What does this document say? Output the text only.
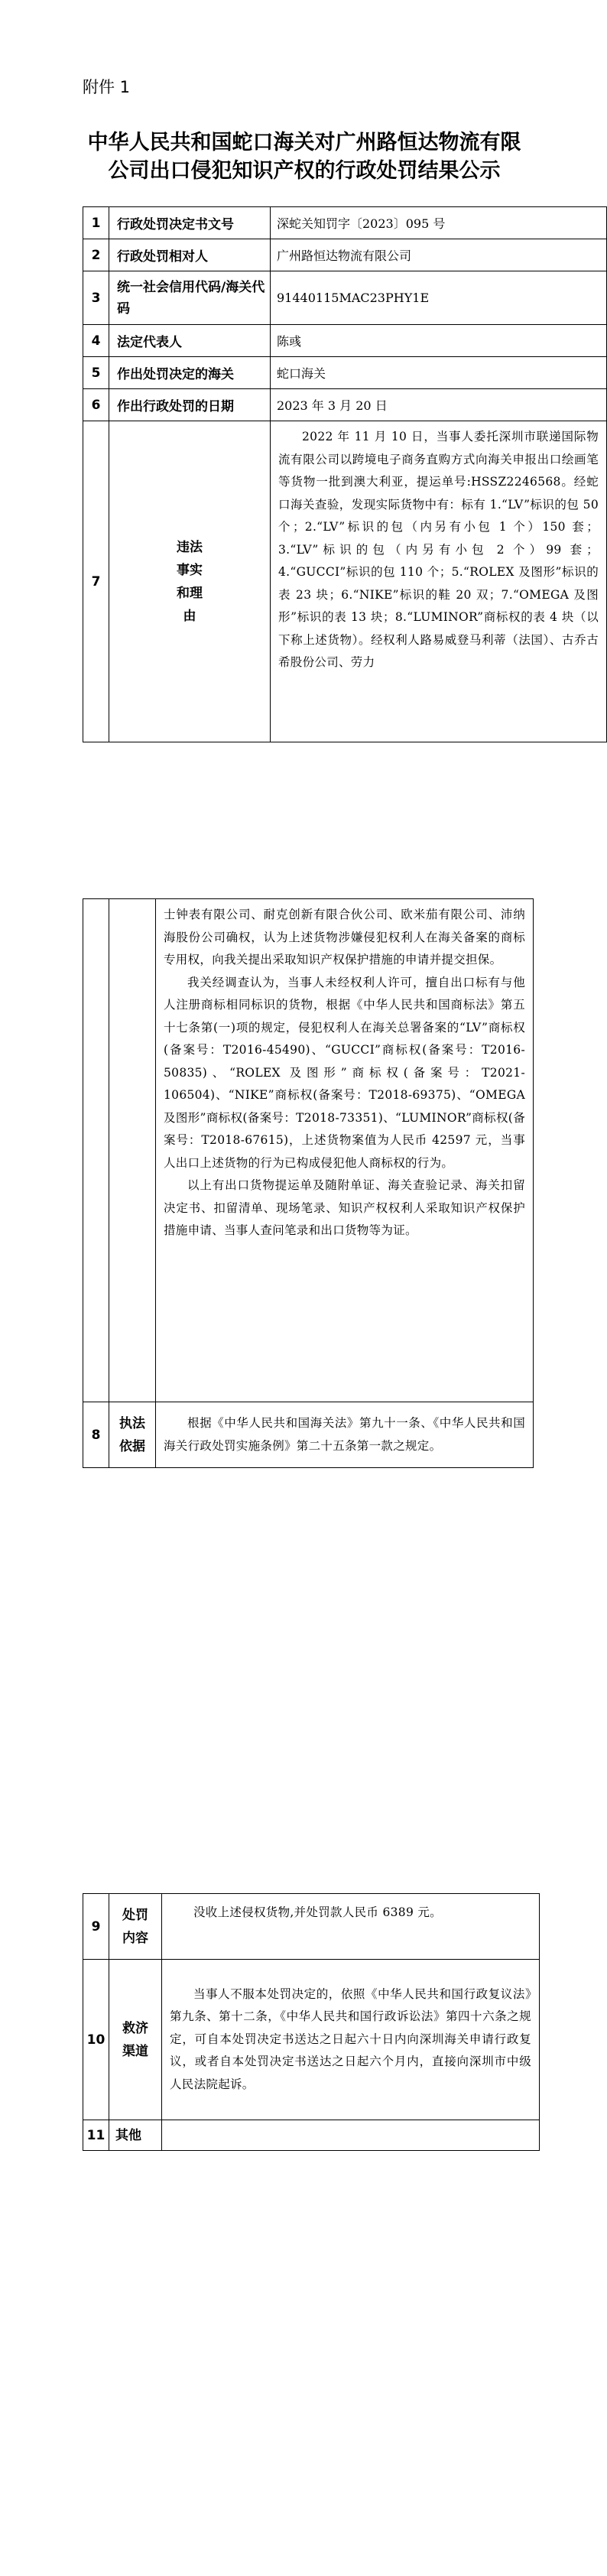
附件 1
中华人民共和国蛇口海关对广州路恒达物流有限公司出口侵犯知识产权的行政处罚结果公示
1	行政处罚决定书文号	深蛇关知罚字〔2023〕095 号
2	行政处罚相对人	广州路恒达物流有限公司
3	统一社会信用代码/海关代码	91440115MAC23PHY1E
4	法定代表人	陈彧
5	作出处罚决定的海关	蛇口海关
6	作出行政处罚的日期	2023 年 3 月 20 日
7	违法事实和理由	2022 年 11 月 10 日，当事人委托深圳市联递国际物流有限公司以跨境电子商务直购方式向海关申报出口绘画笔等货物一批到澳大利亚，提运单号:HSSZ2246568。经蛇口海关查验，发现实际货物中有：标有 1.“LV”标识的包 50 个；2.“LV”标识的包（内另有小包 1 个）150 套；3.“LV”标识的包（内另有小包 2 个）99 套；4.“GUCCI”标识的包 110 个；5.“ROLEX 及图形”标识的表 23 块；6.“NIKE”标识的鞋 20 双；7.“OMEGA 及图形”标识的表 13 块；8.“LUMINOR”商标权的表 4 块（以下称上述货物）。经权利人路易威登马利蒂（法国）、古乔古希股份公司、劳力

		士钟表有限公司、耐克创新有限合伙公司、欧米茄有限公司、沛纳海股份公司确权，认为上述货物涉嫌侵犯权利人在海关备案的商标专用权，向我关提出采取知识产权保护措施的申请并提交担保。

我关经调查认为，当事人未经权利人许可，擅自出口标有与他人注册商标相同标识的货物，根据《中华人民共和国商标法》第五十七条第(一)项的规定，侵犯权利人在海关总署备案的“LV”商标权(备案号：T2016-45490)、“GUCCI”商标权(备案号：T2016-50835)、“ROLEX 及图形”商标权(备案号：T2021-106504)、“NIKE”商标权(备案号：T2018-69375)、“OMEGA 及图形”商标权(备案号：T2018-73351)、“LUMINOR”商标权(备案号：T2018-67615)，上述货物案值为人民币 42597 元，当事人出口上述货物的行为已构成侵犯他人商标权的行为。

以上有出口货物提运单及随附单证、海关查验记录、海关扣留决定书、扣留清单、现场笔录、知识产权权利人采取知识产权保护措施申请、当事人查问笔录和出口货物等为证。

8	执法依据	根据《中华人民共和国海关法》第九十一条、《中华人民共和国海关行政处罚实施条例》第二十五条第一款之规定。

9	处罚内容	没收上述侵权货物,并处罚款人民币 6389 元。

10	救济渠道	当事人不服本处罚决定的，依照《中华人民共和国行政复议法》第九条、第十二条，《中华人民共和国行政诉讼法》第四十六条之规定，可自本处罚决定书送达之日起六十日内向深圳海关申请行政复议，或者自本处罚决定书送达之日起六个月内，直接向深圳市中级人民法院起诉。

11	其他	
